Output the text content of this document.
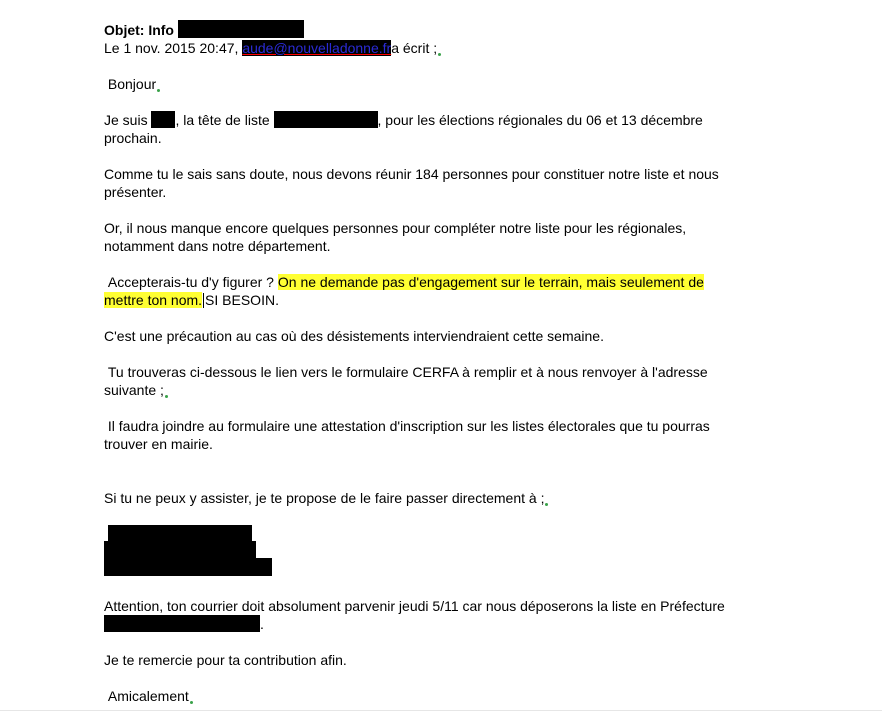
Objet: Info

Le 1 nov. 2015 20:47, aude@nouvelladonne.fra écrit ;

Bonjour

Je suis , la tête de liste	, pour les élections régionales du 06 et 13 décembre

prochain.

Comme tu le sais sans doute, nous devons réunir 184 personnes pour constituer notre liste et nous

présenter.

Or, il nous manque encore quelques personnes pour compléter notre liste pour les régionales,

notamment dans notre département.

Accepterais-tu d'y figurer ? On ne demande pas d'engagement sur le terrain, mais seulement de

mettre ton nom. SI BESOIN.

C'est une précaution au cas où des désistements interviendraient cette semaine.

Tu trouveras ci-dessous le lien vers le formulaire CERFA à remplir et à nous renvoyer à l'adresse

suivante ;

Il faudra joindre au formulaire une attestation d'inscription sur les listes électorales que tu pourras

trouver en mairie.

Si tu ne peux y assister, je te propose de le faire passer directement à ;

Attention, ton courrier doit absolument parvenir jeudi 5/11 car nous déposerons la liste en Préfecture

.

Je te remercie pour ta contribution afin.

Amicalement
